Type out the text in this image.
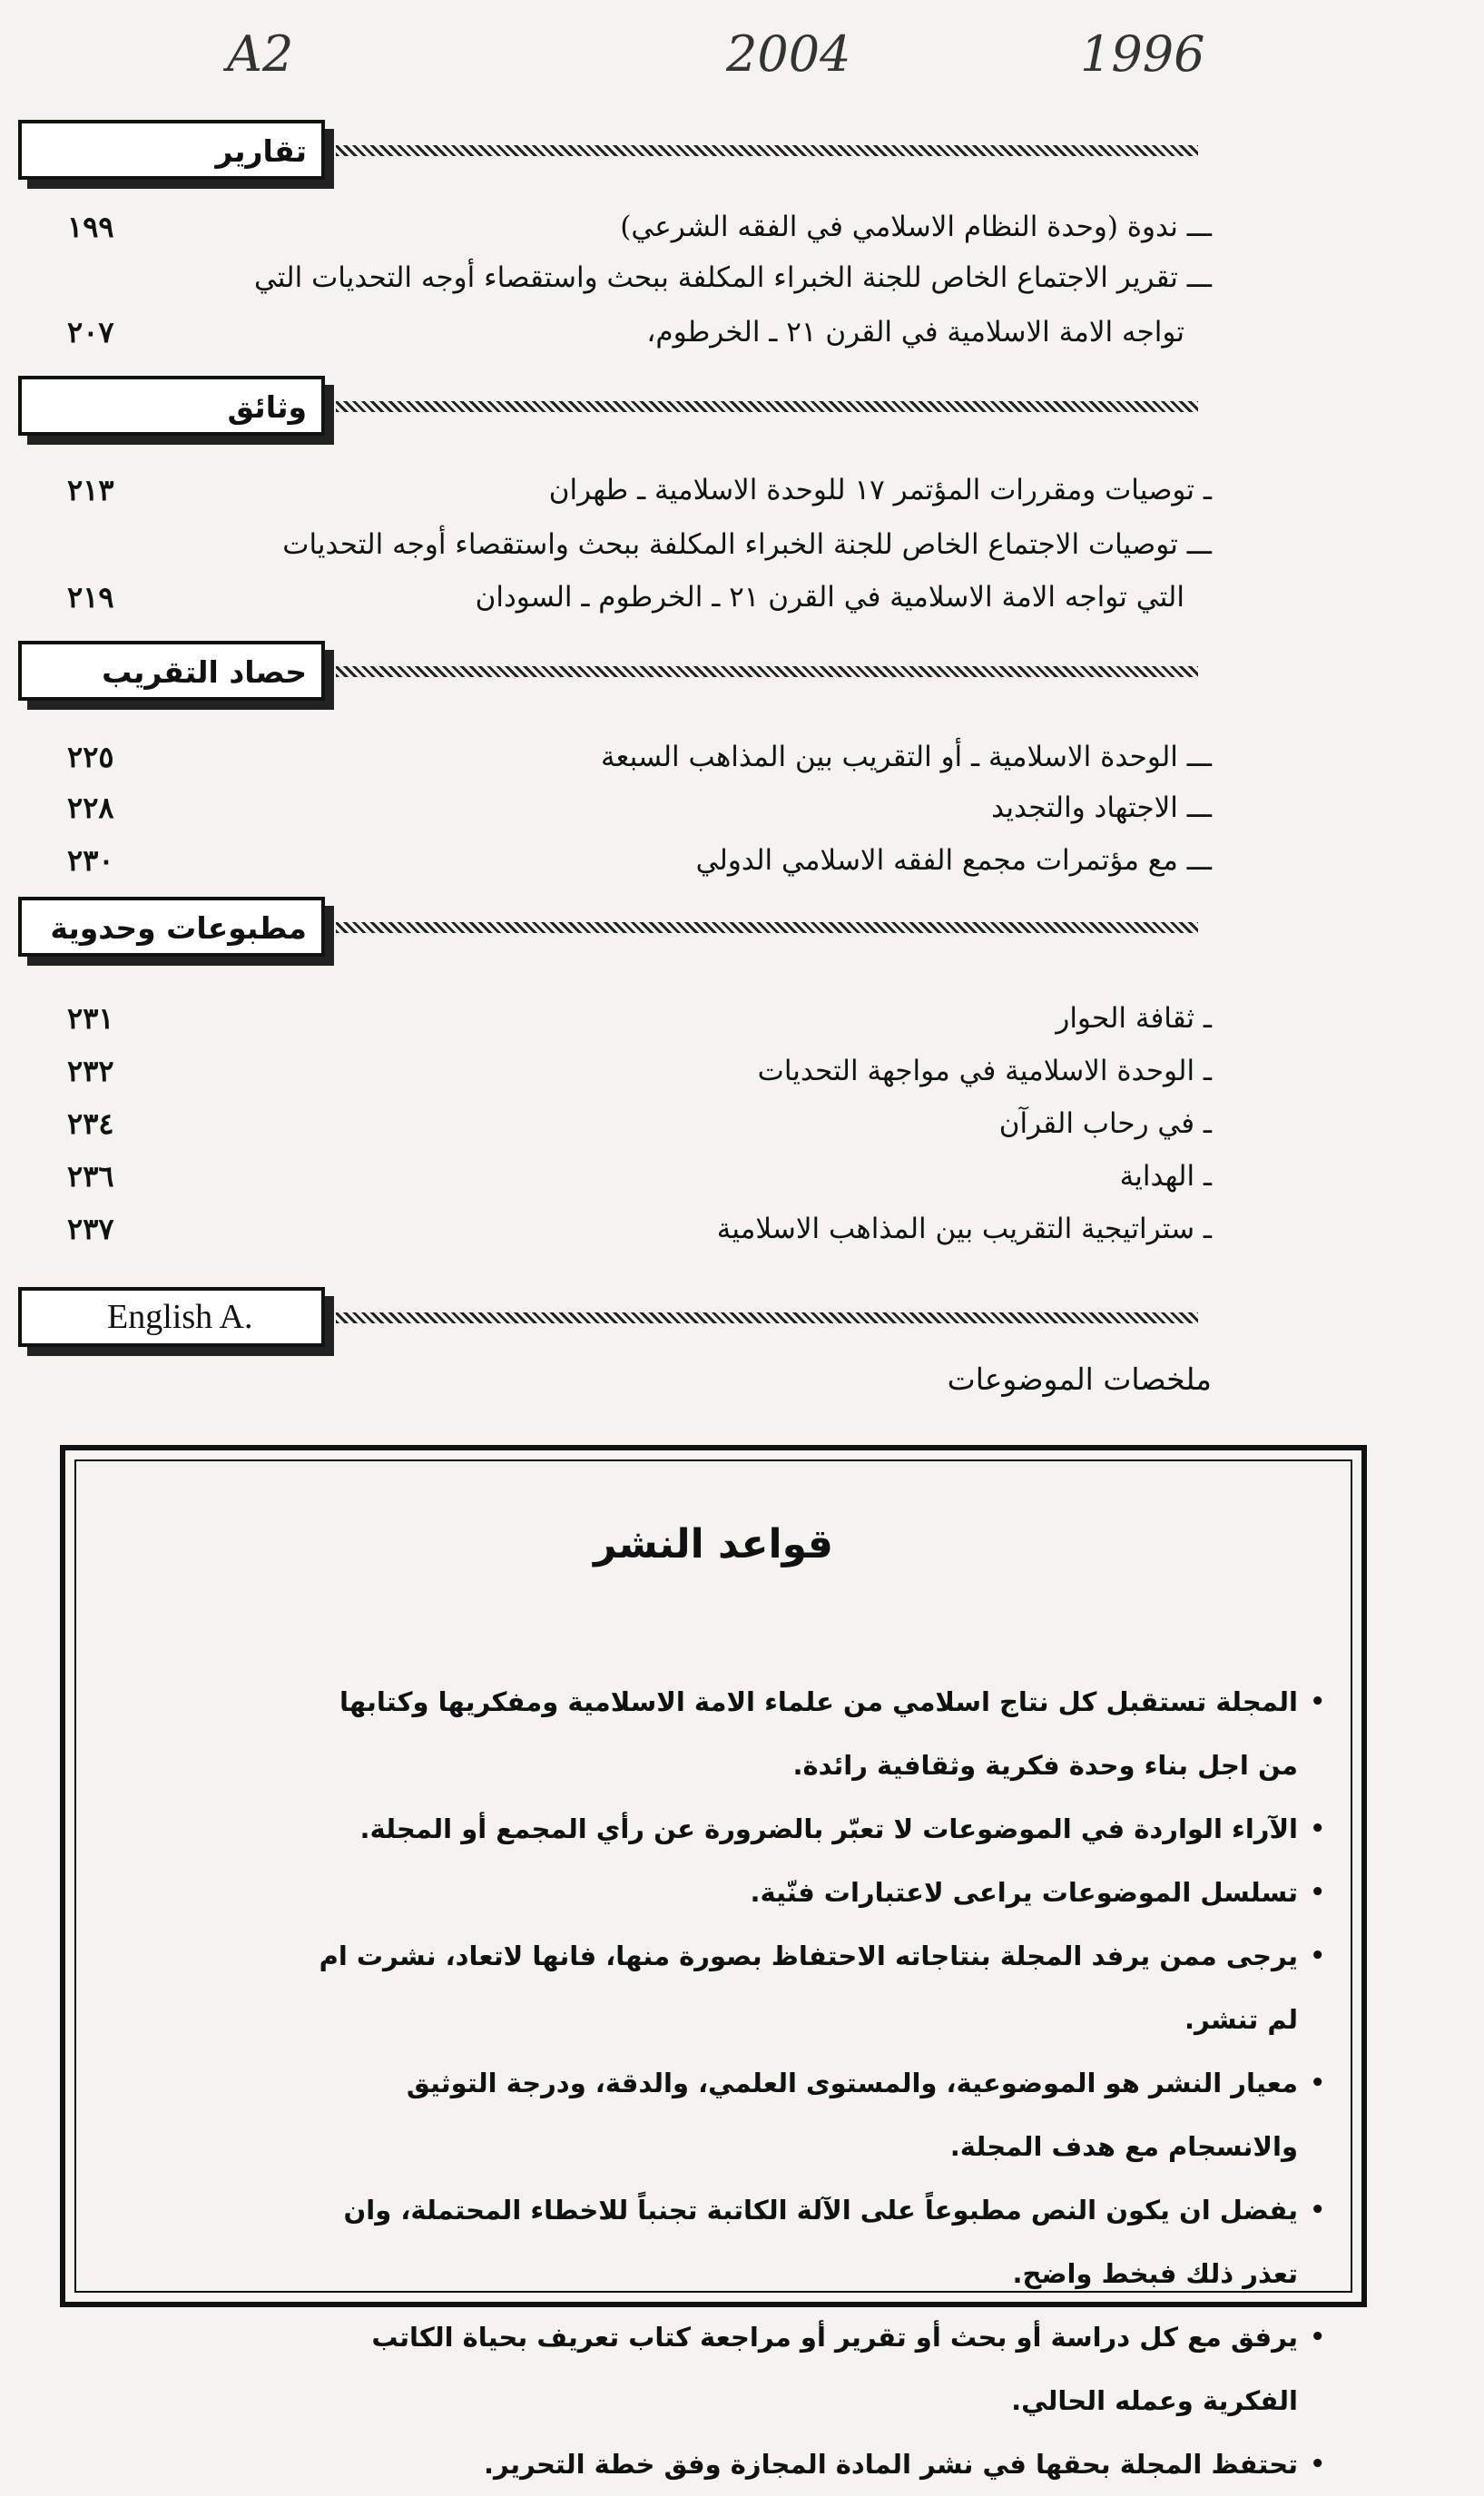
A2	2004	1996
تقارير
ـــ ندوة (وحدة النظام الاسلامي في الفقه الشرعي)
١٩٩
ـــ تقرير الاجتماع الخاص للجنة الخبراء المكلفة ببحث واستقصاء أوجه التحديات التي
تواجه الامة الاسلامية في القرن ٢١ ـ الخرطوم،
٢٠٧
وثائق
ـ توصيات ومقررات المؤتمر ١٧ للوحدة الاسلامية ـ طهران
٢١٣
ـــ توصيات الاجتماع الخاص للجنة الخبراء المكلفة ببحث واستقصاء أوجه التحديات
التي تواجه الامة الاسلامية في القرن ٢١ ـ الخرطوم ـ السودان
٢١٩
حصاد التقريب
ـــ الوحدة الاسلامية ـ أو التقريب بين المذاهب السبعة
٢٢٥
ـــ الاجتهاد والتجديد
٢٢٨
ـــ مع مؤتمرات مجمع الفقه الاسلامي الدولي
٢٣٠
مطبوعات وحدوية
ـ ثقافة الحوار
٢٣١
ـ الوحدة الاسلامية في مواجهة التحديات
٢٣٢
ـ في رحاب القرآن
٢٣٤
ـ الهداية
٢٣٦
ـ ستراتيجية التقريب بين المذاهب الاسلامية
٢٣٧
English A.
ملخصات الموضوعات
قواعد النشر
•
المجلة تستقبل كل نتاج اسلامي من علماء الامة الاسلامية ومفكريها وكتابها من اجل بناء وحدة فكرية وثقافية رائدة.
•
الآراء الواردة في الموضوعات لا تعبّر بالضرورة عن رأي المجمع أو المجلة.
•
تسلسل الموضوعات يراعى لاعتبارات فنّية.
•
يرجى ممن يرفد المجلة بنتاجاته الاحتفاظ بصورة منها، فانها لاتعاد، نشرت ام لم تنشر.
•
معيار النشر هو الموضوعية، والمستوى العلمي، والدقة، ودرجة التوثيق والانسجام مع هدف المجلة.
•
يفضل ان يكون النص مطبوعاً على الآلة الكاتبة تجنباً للاخطاء المحتملة، وان تعذر ذلك فبخط واضح.
•
يرفق مع كل دراسة أو بحث أو تقرير أو مراجعة كتاب تعريف بحياة الكاتب الفكرية وعمله الحالي.
•
تحتفظ المجلة بحقها في نشر المادة المجازة وفق خطة التحرير.
